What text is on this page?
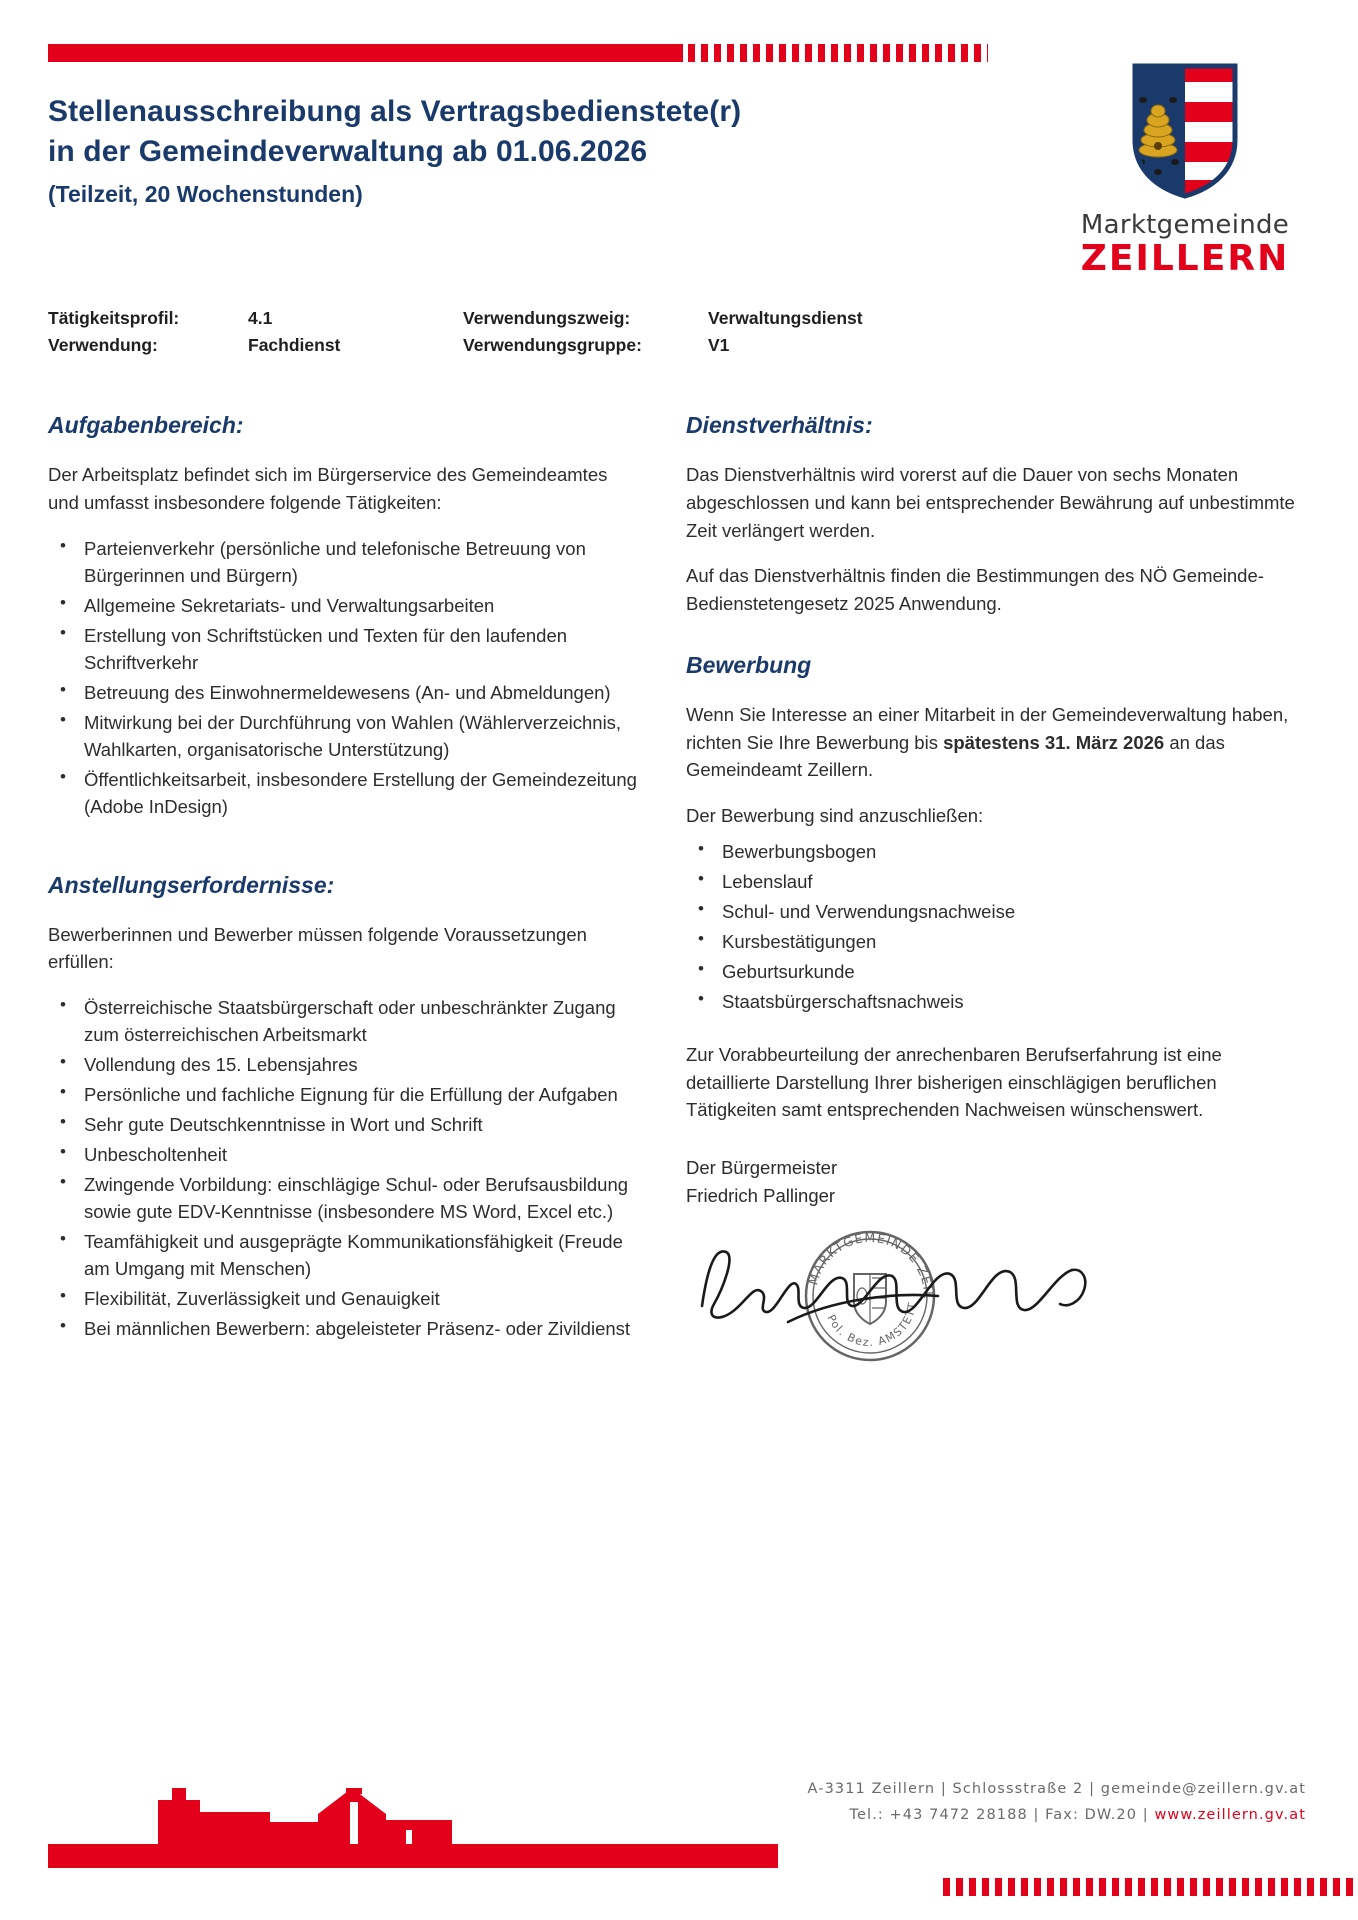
Stellenausschreibung als Vertragsbedienstete(r)
in der Gemeindeverwaltung ab 01.06.2026
(Teilzeit, 20 Wochenstunden)
Marktgemeinde
ZEILLERN
Tätigkeitsprofil:	4.1	Verwendungszweig:	Verwaltungsdienst
Verwendung:	Fachdienst	Verwendungsgruppe:	V1
Aufgabenbereich:

Der Arbeitsplatz befindet sich im Bürgerservice des Gemeindeamtes und umfasst insbesondere folgende Tätigkeiten:

• Parteienverkehr (persönliche und telefonische Betreuung von Bürgerinnen und Bürgern)
• Allgemeine Sekretariats- und Verwaltungsarbeiten
• Erstellung von Schriftstücken und Texten für den laufenden Schriftverkehr
• Betreuung des Einwohnermeldewesens (An- und Abmeldungen)
• Mitwirkung bei der Durchführung von Wahlen (Wählerverzeichnis, Wahlkarten, organisatorische Unterstützung)
• Öffentlichkeitsarbeit, insbesondere Erstellung der Gemeindezeitung (Adobe InDesign)
Anstellungserfordernisse:

Bewerberinnen und Bewerber müssen folgende Voraussetzungen erfüllen:

• Österreichische Staatsbürgerschaft oder unbeschränkter Zugang zum österreichischen Arbeitsmarkt
• Vollendung des 15. Lebensjahres
• Persönliche und fachliche Eignung für die Erfüllung der Aufgaben
• Sehr gute Deutschkenntnisse in Wort und Schrift
• Unbescholtenheit
• Zwingende Vorbildung: einschlägige Schul- oder Berufsausbildung sowie gute EDV-Kenntnisse (insbesondere MS Word, Excel etc.)
• Teamfähigkeit und ausgeprägte Kommunikationsfähigkeit (Freude am Umgang mit Menschen)
• Flexibilität, Zuverlässigkeit und Genauigkeit
• Bei männlichen Bewerbern: abgeleisteter Präsenz- oder Zivildienst
Dienstverhältnis:

Das Dienstverhältnis wird vorerst auf die Dauer von sechs Monaten abgeschlossen und kann bei entsprechender Bewährung auf unbestimmte Zeit verlängert werden.

Auf das Dienstverhältnis finden die Bestimmungen des NÖ Gemeinde-Bedienstetengesetz 2025 Anwendung.

Bewerbung

Wenn Sie Interesse an einer Mitarbeit in der Gemeindeverwaltung haben, richten Sie Ihre Bewerbung bis spätestens 31. März 2026 an das Gemeindeamt Zeillern.

Der Bewerbung sind anzuschließen:

• Bewerbungsbogen
• Lebenslauf
• Schul- und Verwendungsnachweise
• Kursbestätigungen
• Geburtsurkunde
• Staatsbürgerschaftsnachweis

Zur Vorabbeurteilung der anrechenbaren Berufserfahrung ist eine detaillierte Darstellung Ihrer bisherigen einschlägigen beruflichen Tätigkeiten samt entsprechenden Nachweisen wünschenswert.

Der Bürgermeister
Friedrich Pallinger
MARKTGEMEINDE ZEIL
Pol. Bez. AMSTETT
A-3311 Zeillern | Schlossstraße 2 | gemeinde@zeillern.gv.at
Tel.: +43 7472 28188 | Fax: DW.20 | www.zeillern.gv.at
